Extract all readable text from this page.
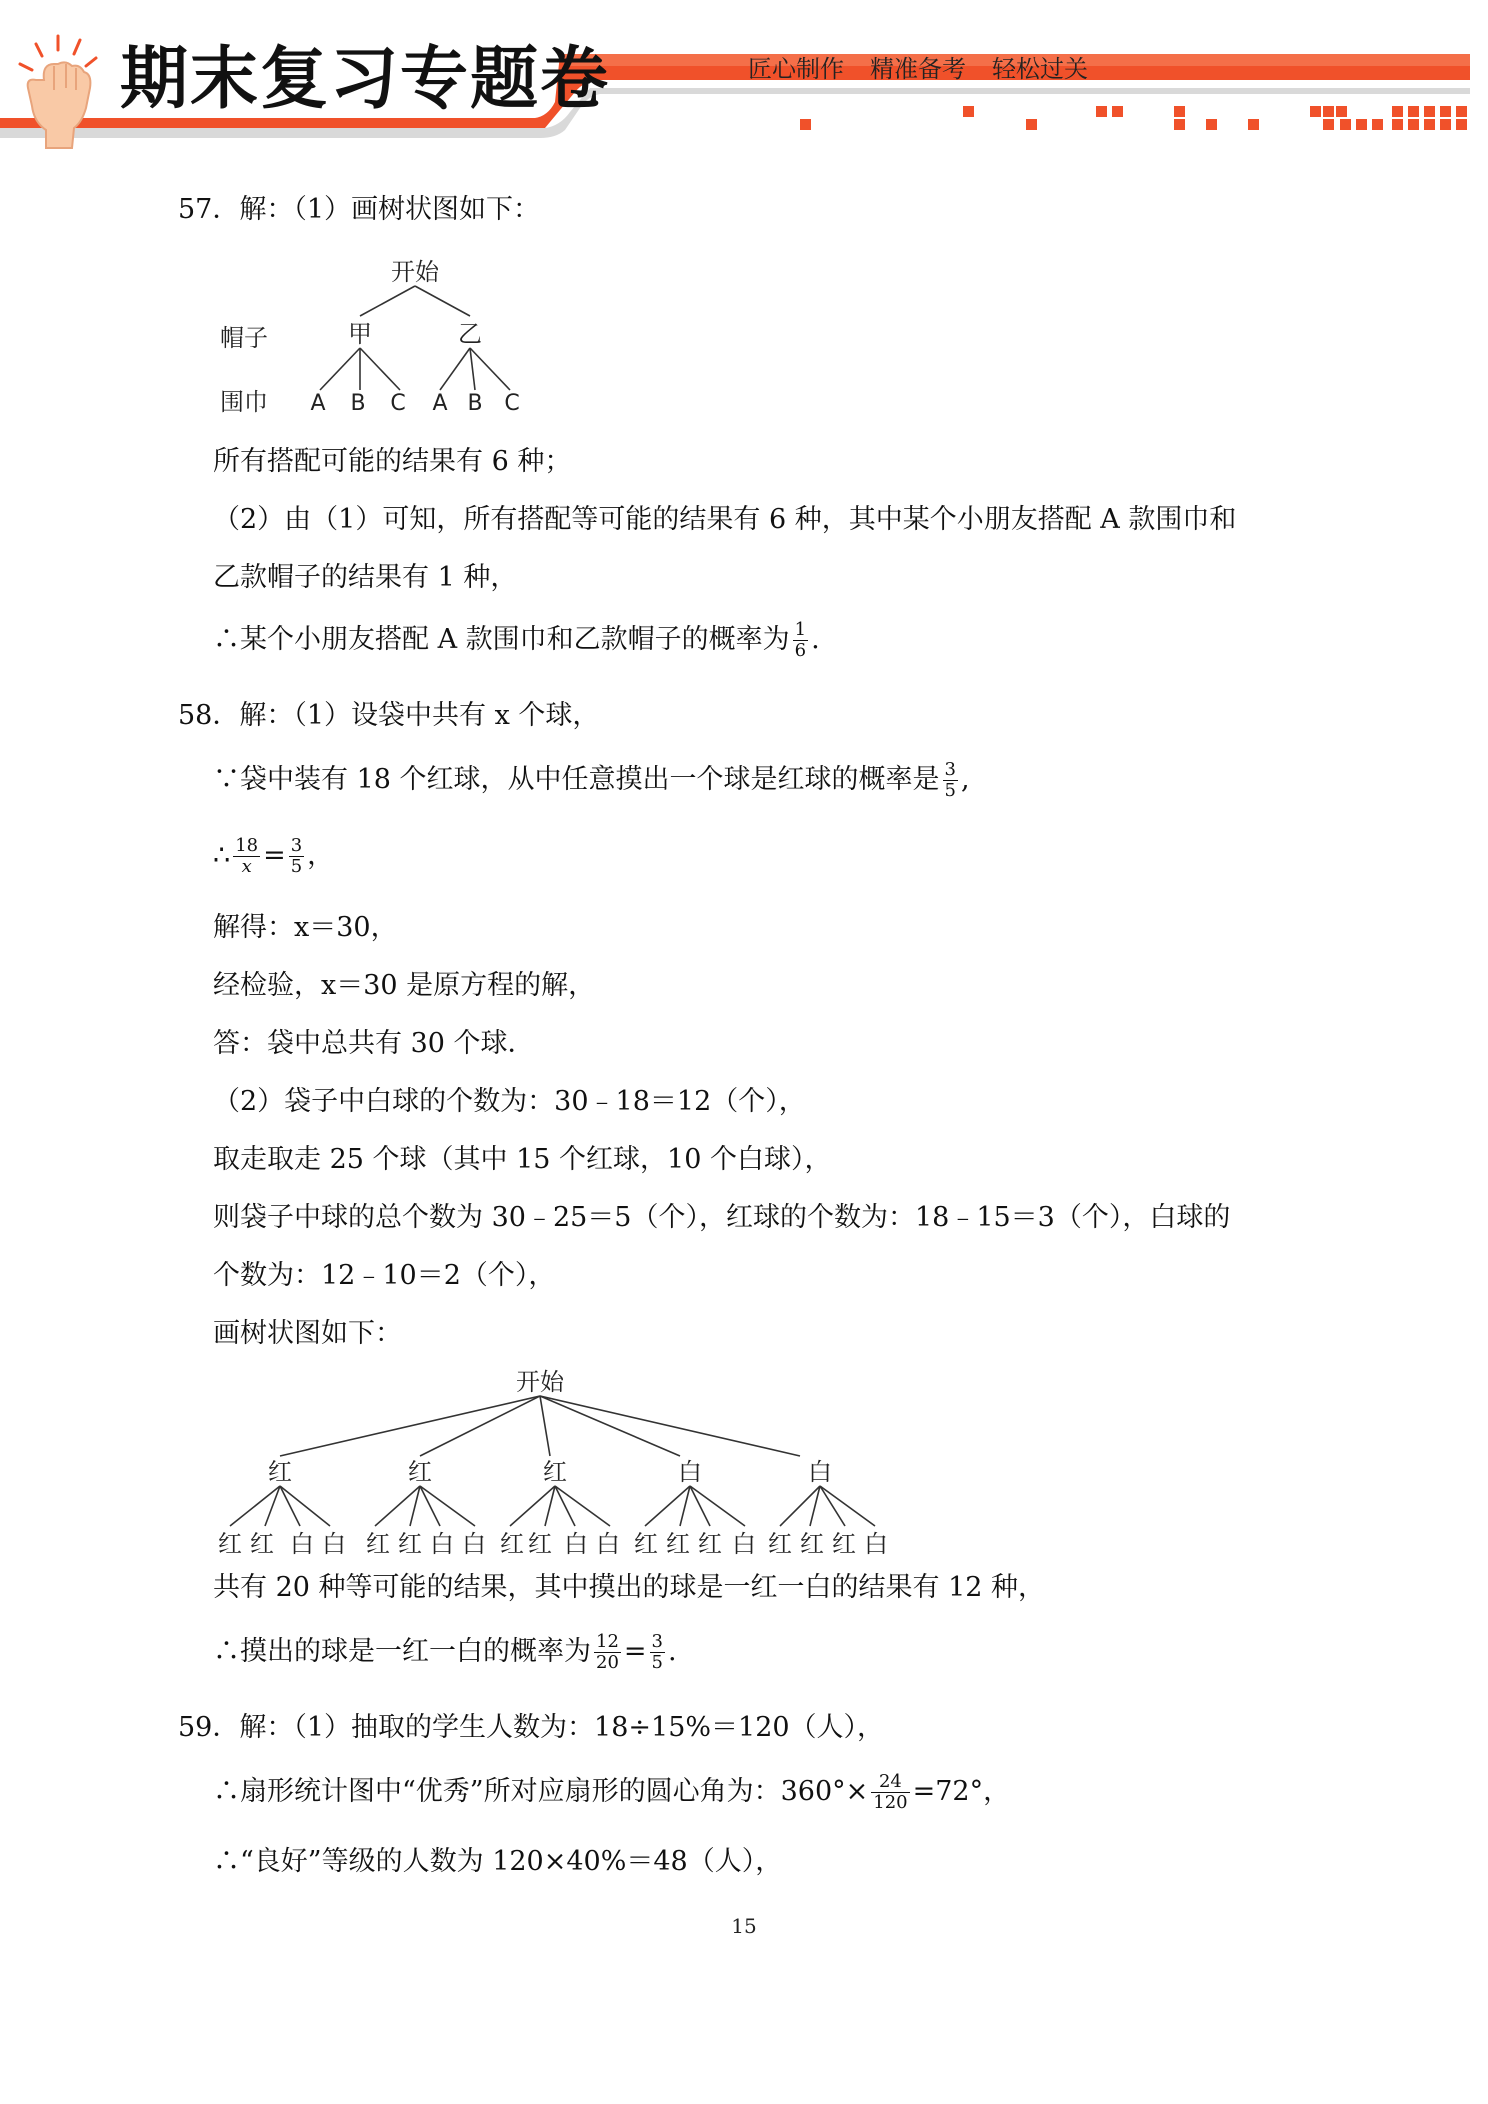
期末复习专题卷	匠心制作 精准备考 轻松过关
57．解：（1）画树状图如下：
开始
帽子	甲	乙
围巾 A B C A B C
所有搭配可能的结果有 6 种；
（2）由（1）可知，所有搭配等可能的结果有 6 种，其中某个小朋友搭配 A 款围巾和
乙款帽子的结果有 1 种，
∴某个小朋友搭配 A 款围巾和乙款帽子的概率为 $\frac{1}{6}$ .
58．解：（1）设袋中共有 x 个球，
∵袋中装有 18 个红球，从中任意摸出一个球是红球的概率是 $\frac{3}{5}$ ,
∴ $\frac{18}{x} = \frac{3}{5}$ ，
解得：x＝30，
经检验，x＝30 是原方程的解，
答：袋中总共有 30 个球．
（2）袋子中白球的个数为：30﹣18＝12（个），
取走取走 25 个球（其中 15 个红球，10 个白球），
则袋子中球的总个数为 30﹣25＝5（个），红球的个数为：18﹣15＝3（个），白球的
个数为：12﹣10＝2（个），
画树状图如下：
开始
红	红	红	白	白
红 红 白 白 红 红 白 白 红 红 白 白 红 红 红 白 红 红 红 白
共有 20 种等可能的结果，其中摸出的球是一红一白的结果有 12 种，
∴摸出的球是一红一白的概率为 $\frac{12}{20} = \frac{3}{5}$ .
59．解：（1）抽取的学生人数为：18÷15%＝120（人），
∴扇形统计图中“优秀”所对应扇形的圆心角为：$360^\circ\times \frac{24}{120} =72^\circ$，
∴“良好”等级的人数为 120×40%＝48（人），
15
